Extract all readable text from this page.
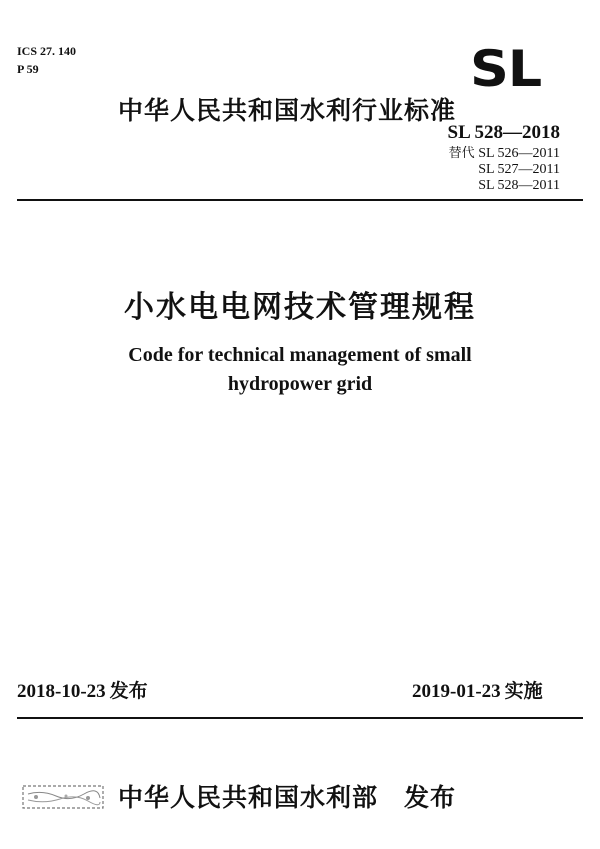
ICS 27. 140
P 59	SL
中华人民共和国水利行业标准
SL 528—2018
替代
SL 526—2011
SL 527—2011
SL 528—2011
小水电电网技术管理规程
Code for technical management of small
hydropower grid
2018-10-23 发布	2019-01-23 实施
中华人民共和国水利部 发布
